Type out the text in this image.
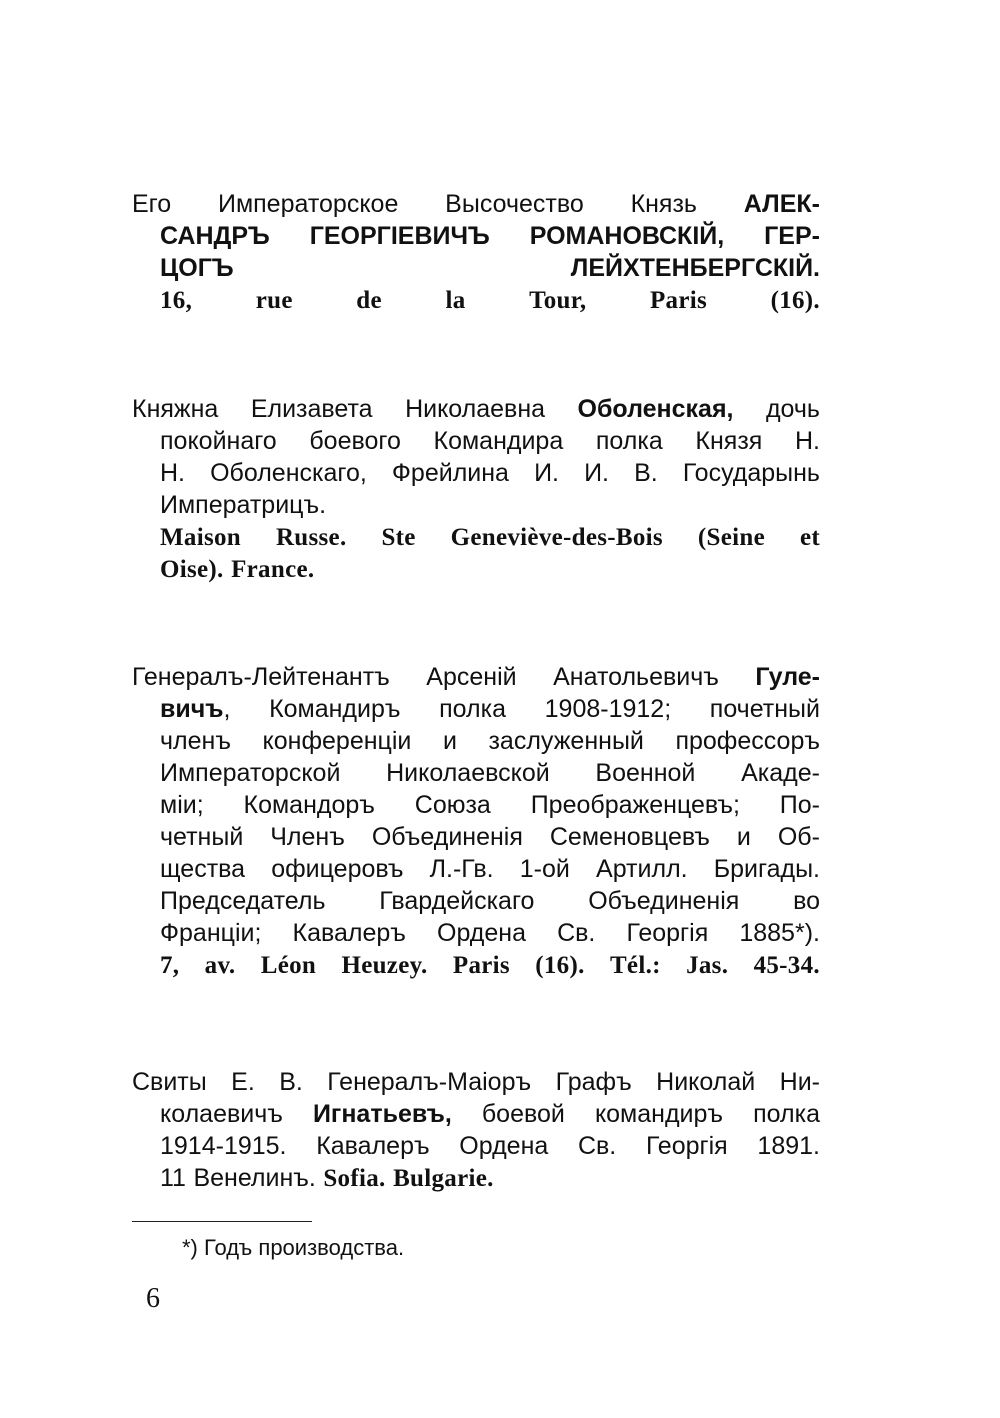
Его Императорское Высочество Князь АЛЕК-
САНДРЪ ГЕОРГІЕВИЧЪ РОМАНОВСКІЙ, ГЕР-
ЦОГЪ	ЛЕЙХТЕНБЕРГСКІЙ.
16,	rue	de	la	Tour,	Paris	(16).
Княжна Елизавета Николаевна Оболенская, дочь
покойнаго боевого Командира полка Князя Н.
Н. Оболенскаго, Фрейлина И. И. В. Государынь
Императрицъ.
Maison Russe. Ste Geneviève-des-Bois (Seine et
Oise). France.
Генералъ-Лейтенантъ Арсеній Анатольевичъ Гуле-
вичъ, Командиръ полка 1908-1912; почетный
членъ конференціи и заслуженный профессоръ
Императорской Николаевской Военной Акаде-
міи; Командоръ Союза Преображенцевъ; По-
четный Членъ Объединенія Семеновцевъ и Об-
щества офицеровъ Л.-Гв. 1-ой Артилл. Бригады.
Председатель Гвардейскаго Объединенія во
Франціи; Кавалеръ Ордена Св. Георгія 1885*).
7, av. Léon Heuzey. Paris (16). Tél.: Jas. 45-34.
Свиты Е. В. Генералъ-Маіоръ Графъ Николай Ни-
колаевичъ Игнатьевъ, боевой командиръ полка
1914-1915. Кавалеръ Ордена Св. Георгія 1891.
11 Венелинъ. Sofia. Bulgarie.
*) Годъ производства.
6
